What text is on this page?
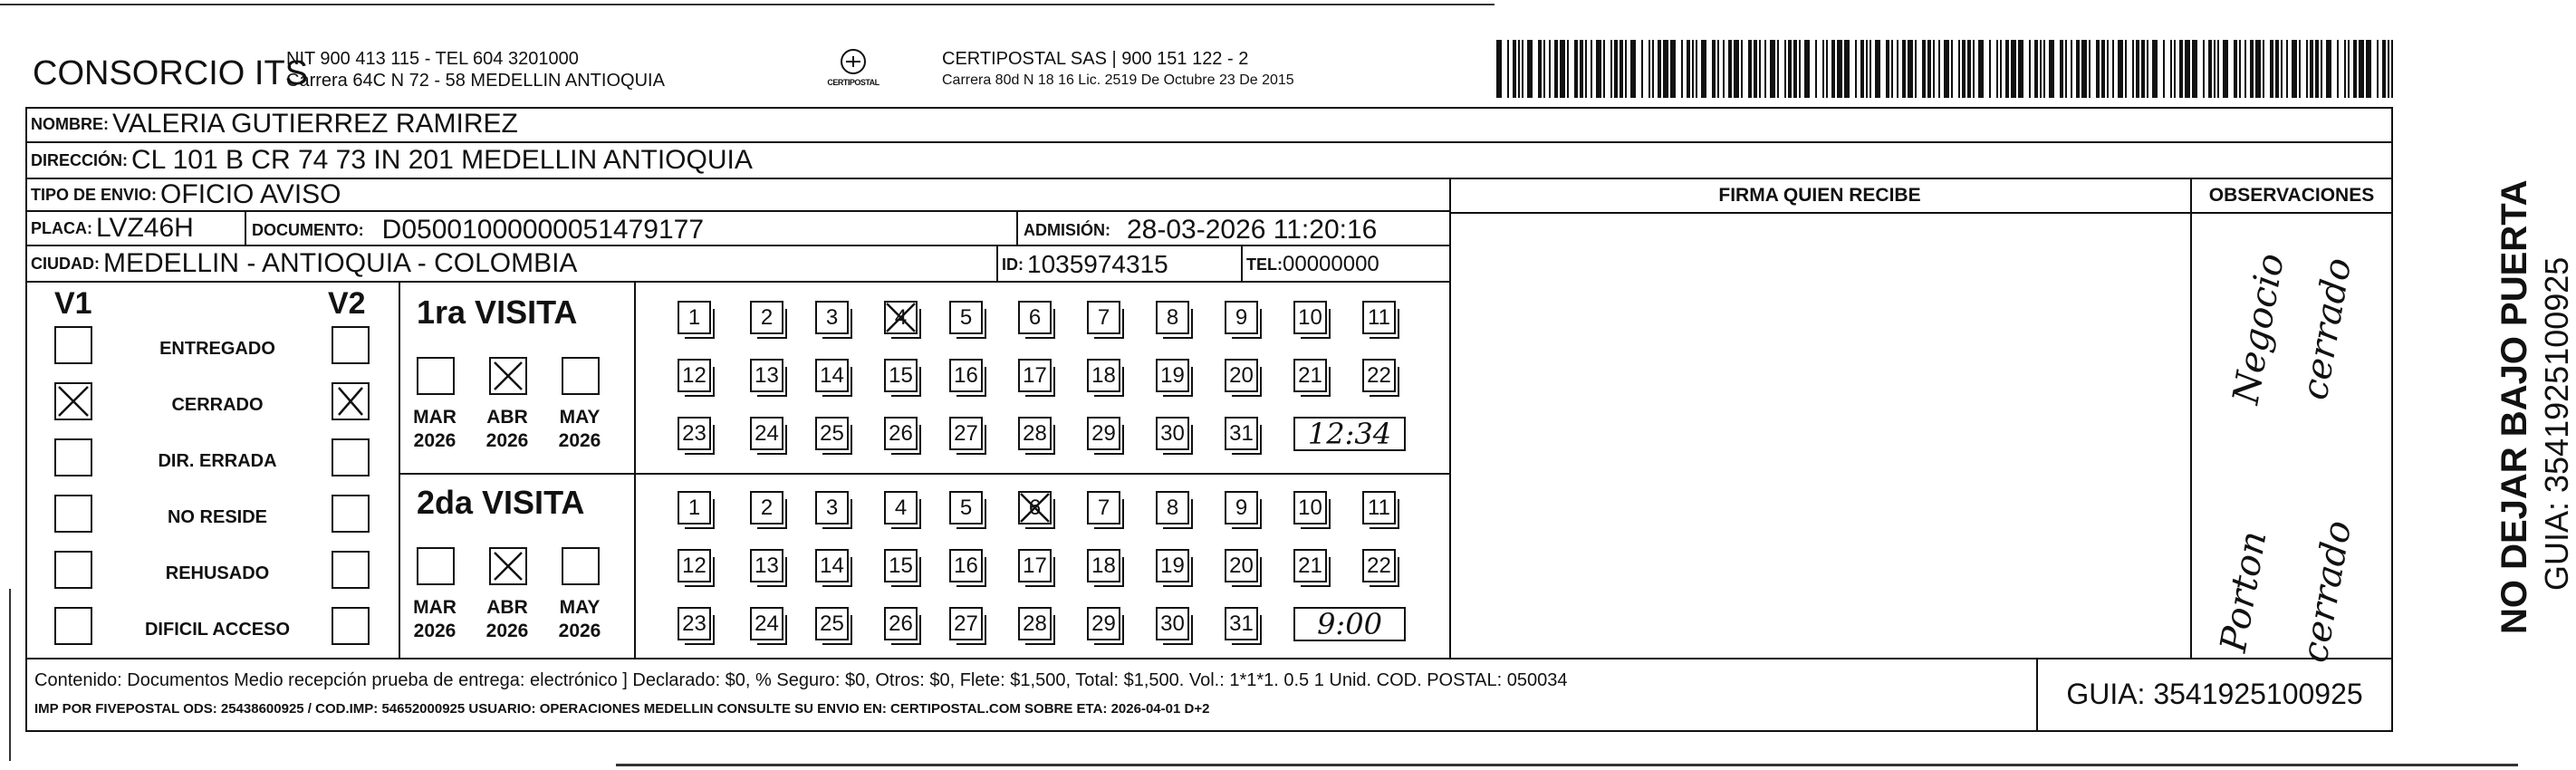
CONSORCIO ITS
NIT 900 413 115 - TEL 604 3201000
Carrera 64C N 72 - 58 MEDELLIN ANTIOQUIA	CERTIPOSTAL
CERTIPOSTAL SAS | 900 151 122 - 2
Carrera 80d N 18 16 Lic. 2519 De Octubre 23 De 2015
NOMBRE: VALERIA GUTIERREZ RAMIREZ
DIRECCIÓN: CL 101 B CR 74 73 IN 201 MEDELLIN ANTIOQUIA
TIPO DE ENVIO: OFICIO AVISO
PLACA: LVZ46H	DOCUMENTO: D05001000000051479177	ADMISIÓN: 28-03-2026 11:20:16
CIUDAD: MEDELLIN - ANTIOQUIA - COLOMBIA	ID: 1035974315	TEL: 00000000
FIRMA QUIEN RECIBE	OBSERVACIONES
V1	V2
ENTREGADO
CERRADO
DIR. ERRADA
NO RESIDE
REHUSADO
DIFICIL ACCESO
1ra VISITA
MAR
2026
ABR
2026
MAY
2026
1	2	3	4	5	6	7	8	9	10 11
12 13 14 15 16 17 18 19 20 21 22
23 24 25 26 27 28 29 30 31	12:34
2da VISITA
MAR
2026
ABR
2026
MAY
2026
1	2	3	4	5	6	7	8	9	10 11
12 13 14 15 16 17 18 19 20 21 22
23 24 25 26 27 28 29 30 31	9:00
Negocio cerrado
Porton cerrado
Contenido: Documentos Medio recepción prueba de entrega: electrónico ] Declarado: $0, % Seguro: $0, Otros: $0, Flete: $1,500, Total: $1,500. Vol.: 1*1*1. 0.5 1 Unid. COD. POSTAL: 050034
IMP POR FIVEPOSTAL ODS: 25438600925 / COD.IMP: 54652000925 USUARIO: OPERACIONES MEDELLIN CONSULTE SU ENVIO EN: CERTIPOSTAL.COM SOBRE ETA: 2026-04-01 D+2	GUIA: 3541925100925
NO DEJAR BAJO PUERTA GUIA: 3541925100925
